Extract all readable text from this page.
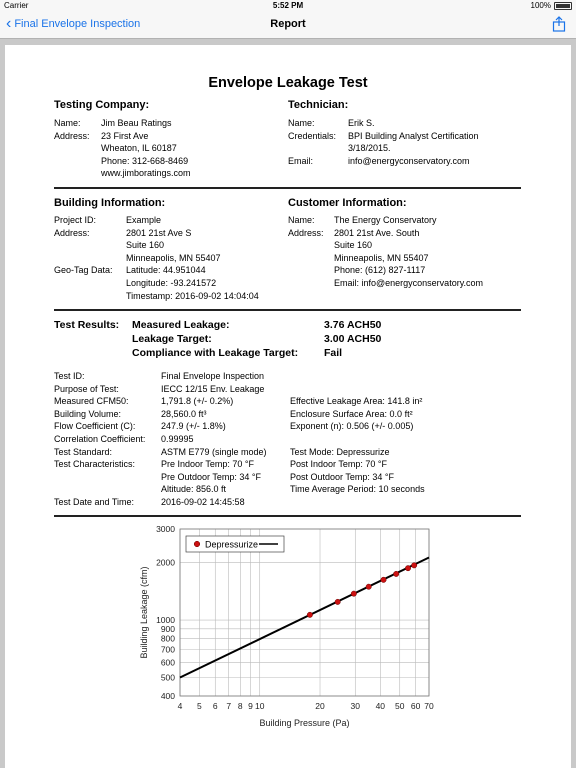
Carrier	5:52 PM	100%
‹ Final Envelope Inspection	Report
Envelope Leakage Test
Testing Company:
Name: Jim Beau Ratings
Address: 23 First Ave
Wheaton, IL 60187
Phone: 312-668-8469
www.jimboratings.com
Technician:
Name:	Erik S.
Credentials: BPI Building Analyst Certification
3/18/2015.
Email:	info@energyconservatory.com
Building Information:
Project ID:	Example
Address:	2801 21st Ave S
Suite 160
Minneapolis, MN 55407
Geo-Tag Data: Latitude: 44.951044
Longitude: -93.241572
Timestamp: 2016-09-02 14:04:04
Customer Information:
Name: The Energy Conservatory
Address: 2801 21st Ave. South
Suite 160
Minneapolis, MN 55407
Phone: (612) 827-1117
Email: info@energyconservatory.com
Test Results: Measured Leakage:	3.76 ACH50
Leakage Target:	3.00 ACH50
Compliance with Leakage Target: Fail
Test ID:	Final Envelope Inspection
Purpose of Test:	IECC 12/15 Env. Leakage
Measured CFM50:	1,791.8 (+/- 0.2%)	Effective Leakage Area: 141.8 in²
Building Volume:	28,560.0 ft³	Enclosure Surface Area: 0.0 ft²
Flow Coefficient (C):	247.9 (+/- 1.8%)	Exponent (n): 0.506 (+/- 0.005)
Correlation Coefficient: 0.99995
Test Standard:	ASTM E779 (single mode)	Test Mode: Depressurize
Test Characteristics:	Pre Indoor Temp: 70 °F	Post Indoor Temp: 70 °F
Pre Outdoor Temp: 34 °F	Post Outdoor Temp: 34 °F
Altitude: 856.0 ft	Time Average Period: 10 seconds
Test Date and Time:	2016-09-02 14:45:58
4 5 6 7 8 9 10	20	30 40 50 60 70
400
500
600
700
800
900
1000
2000
3000
Building Pressure (Pa)
Building Leakage (cfm)
Depressurize
